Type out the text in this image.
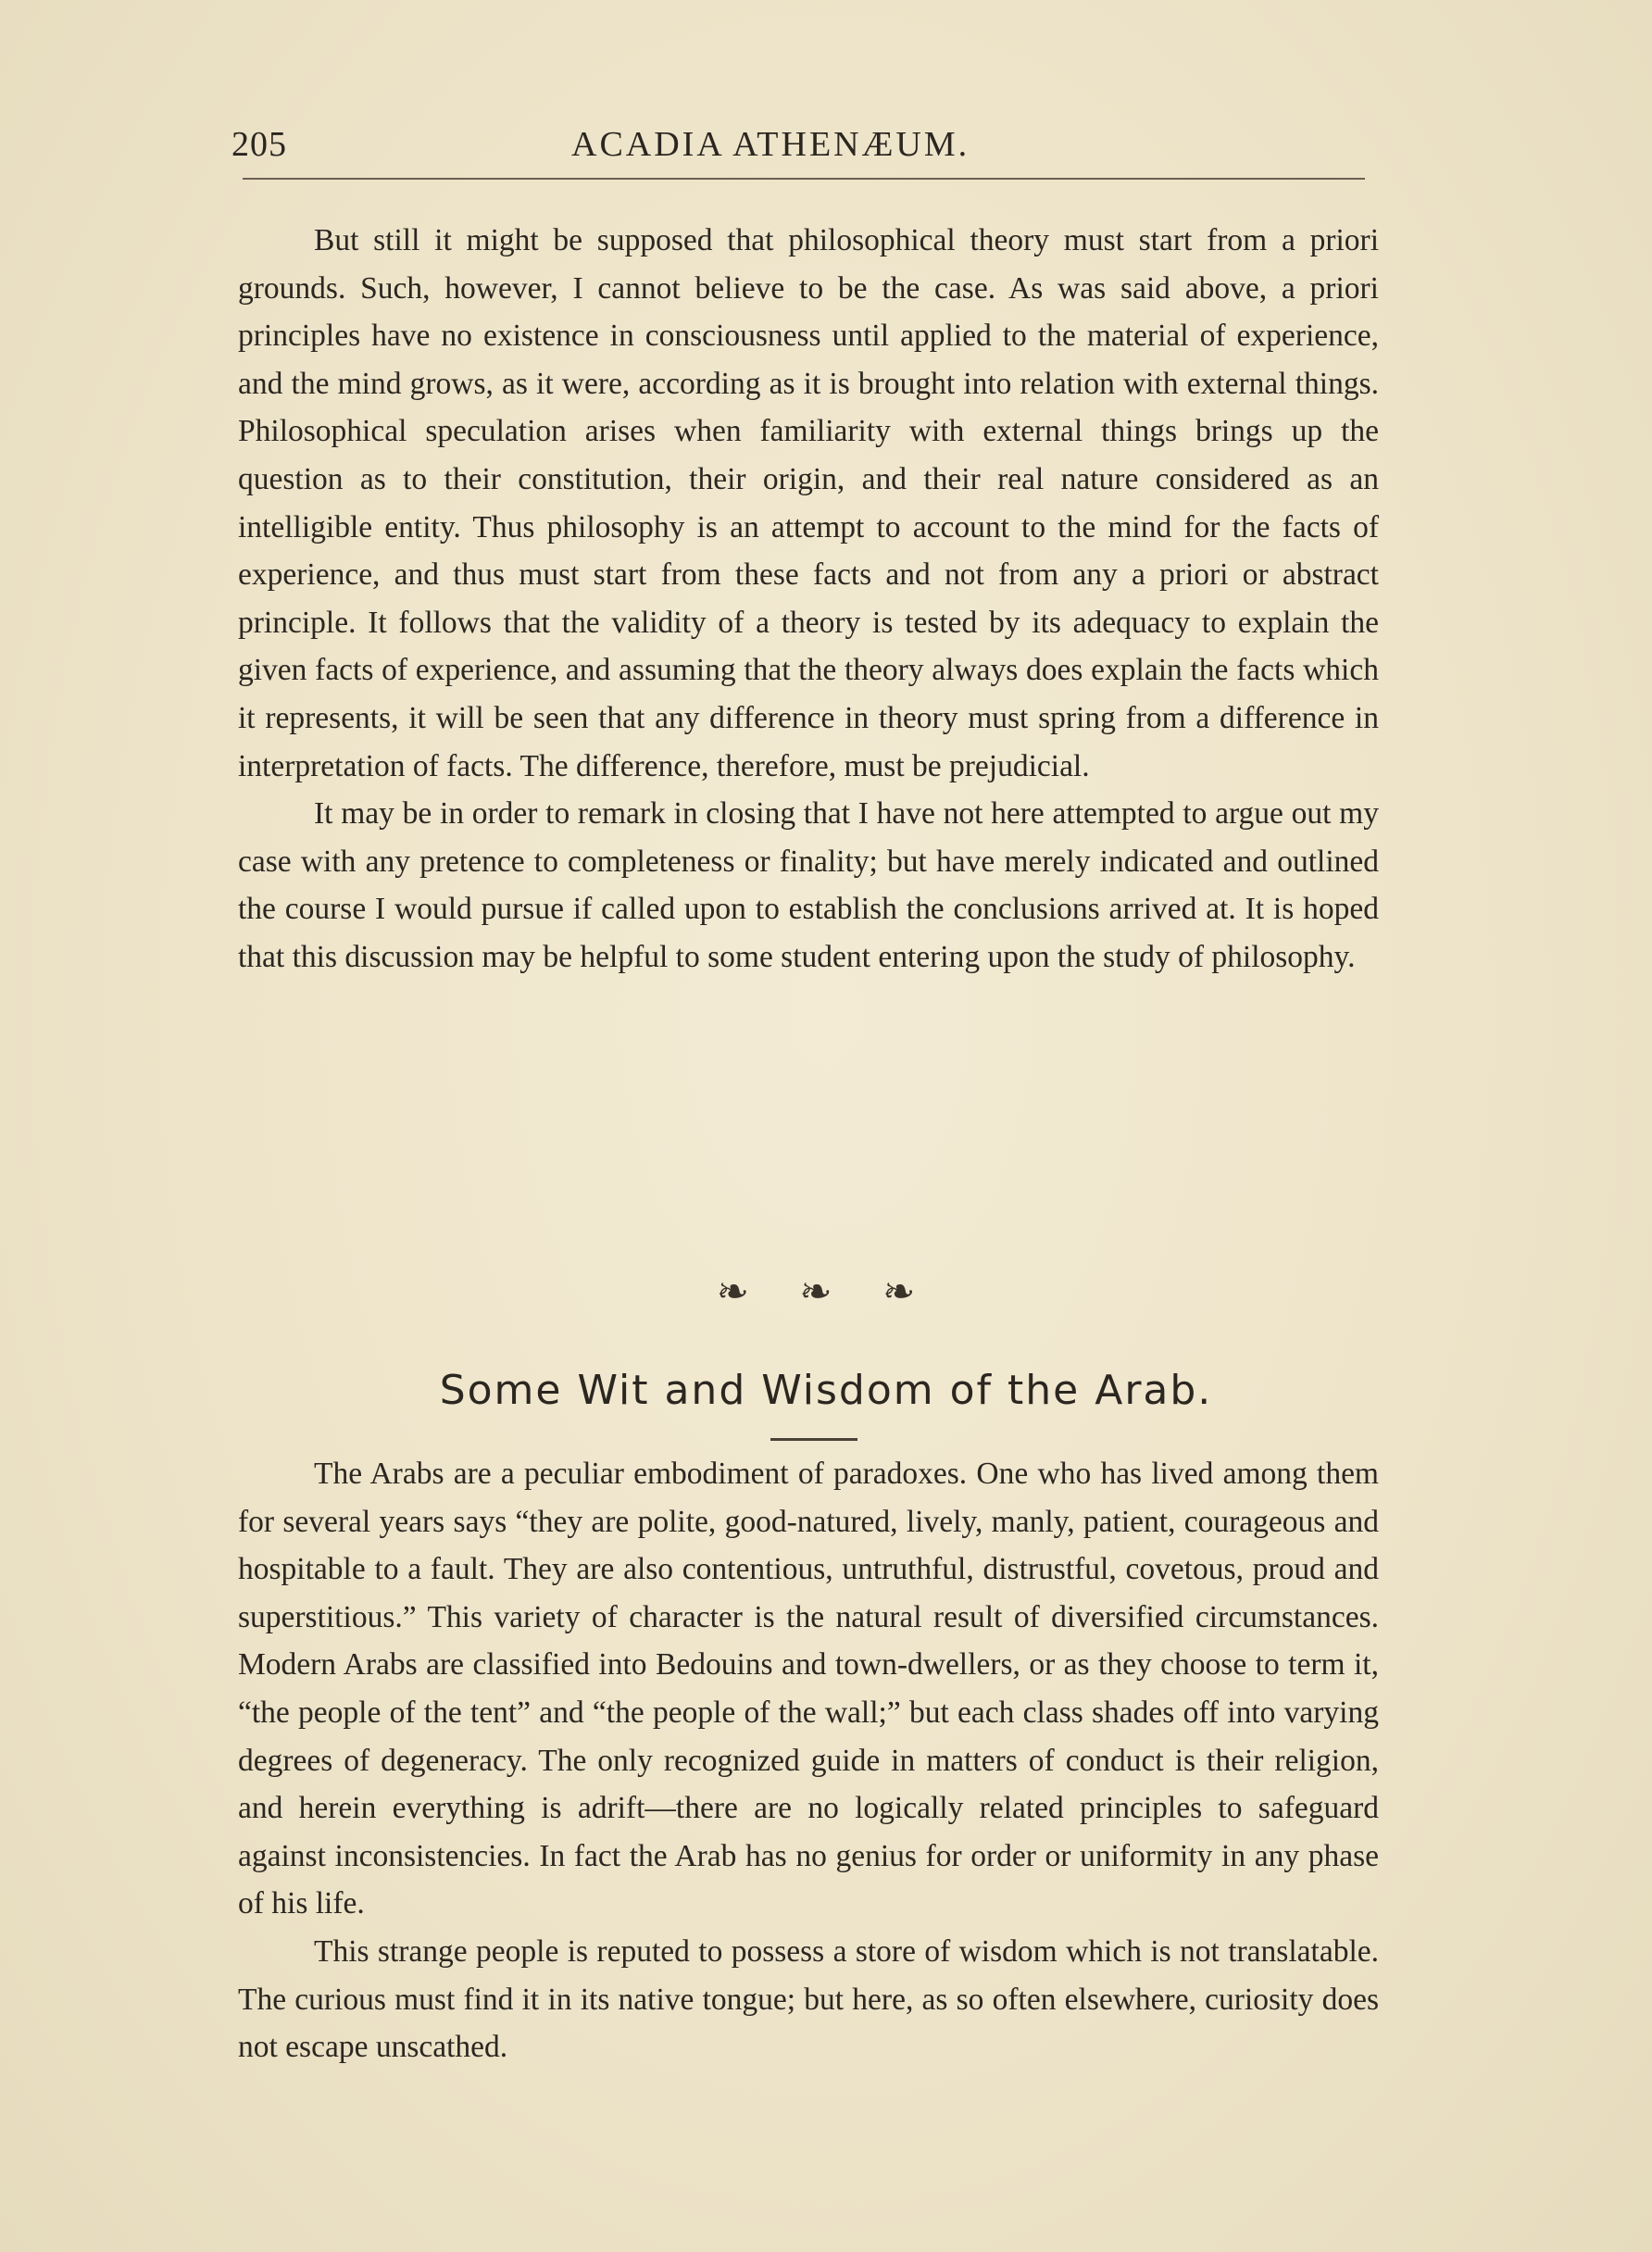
205	ACADIA ATHENÆUM.

But still it might be supposed that philosophical theory must start from a priori grounds. Such, however, I cannot believe to be the case. As was said above, a priori principles have no existence in consciousness until applied to the material of experience, and the mind grows, as it were, according as it is brought into relation with external things. Philosophical speculation arises when familiarity with external things brings up the question as to their constitution, their origin, and their real nature considered as an intelligible entity. Thus philosophy is an attempt to account to the mind for the facts of experience, and thus must start from these facts and not from any a priori or abstract principle. It follows that the validity of a theory is tested by its adequacy to explain the given facts of experience, and assuming that the theory always does explain the facts which it represents, it will be seen that any difference in theory must spring from a difference in interpretation of facts. The difference, therefore, must be prejudicial.

It may be in order to remark in closing that I have not here attempted to argue out my case with any pretence to completeness or finality; but have merely indicated and outlined the course I would pursue if called upon to establish the conclusions arrived at. It is hoped that this discussion may be helpful to some student entering upon the study of philosophy.

❧ ❧ ❧
Some Wit and Wisdom of the Arab.

The Arabs are a peculiar embodiment of paradoxes. One who has lived among them for several years says “they are polite, good-natured, lively, manly, patient, courageous and hospitable to a fault. They are also contentious, untruthful, distrustful, covetous, proud and superstitious.” This variety of character is the natural result of diversified circumstances. Modern Arabs are classified into Bedouins and town-dwellers, or as they choose to term it, “the people of the tent” and “the people of the wall;” but each class shades off into varying degrees of degeneracy. The only recognized guide in matters of conduct is their religion, and herein everything is adrift—there are no logically related principles to safeguard against inconsistencies. In fact the Arab has no genius for order or uniformity in any phase of his life.

This strange people is reputed to possess a store of wisdom which is not translatable. The curious must find it in its native tongue; but here, as so often elsewhere, curiosity does not escape unscathed.
